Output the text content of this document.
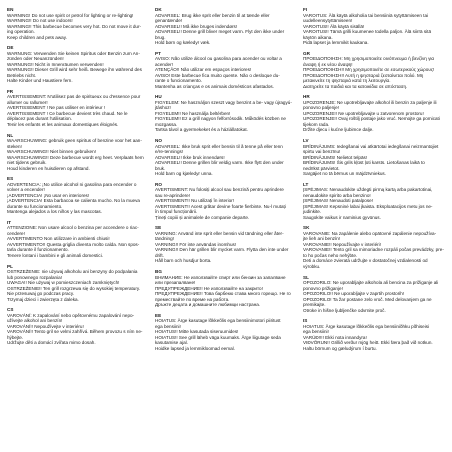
EN
WARNING! Do not use spirit or petrol for lighting or re-lighting!
WARNING!! Do not use indoors!
WARNING!! This barbecue becomes very hot. Do not move it dur-
ing operation.
Keep children and pets away.
DE
WARNUNG: Verwenden Sie keinen Spiritus oder Benzin zum An-
zünden oder Neuanzünden!
WARNUNG!! Nicht in Innenräumen verwenden!
WARNUNG!! Dieser Grill wird sehr heiß. Bewege ihn während des
Betriebs nicht.
Halte Kinder und Haustiere fern.
FR
AVERTISSEMENT: N'utilisez pas de spiritueux ou d'essence pour
allumer ou rallumer!
AVERTISSEMENT ! Ne pas utiliser en intérieur !
AVERTISSEMENT ! Ce barbecue devient très chaud. Ne le
déplacez pas durant l'utilisation.
Tenir les enfants et les animaux domestiques éloignés.
NL
WAARSCHUWING: gebruik geen spiritus of benzine voor het aan-
steken!
WAARSCHUWING!! Niet binnen gebruiken!
WAARSCHUWING!! Deze barbecue wordt erg heet. Verplaats hem
niet tijdens gebruik.
Houd kinderen en huisdieren op afstand.
ES
ADVERTENCIA: ¡No utilice alcohol ni gasolina para encender o
volver a encender!
¡ADVERTENCIA! ¡No usar en interiores!
¡ADVERTENCIA! Esta barbacoa se calienta mucho. No la mueva
durante su funcionamiento.
Mantenga alejados a los niños y las mascotas.
IT
ATTENZIONE: Non usare alcool o benzina per accendere o riac-
cendere!
AVVERTIMENTO Non utilizzare in ambienti chiusi!
AVVERTIMENTO!! Questa griglia diventa molto calda. Non spos-
tarla durante il funzionamento.
Tenere lontani i bambini e gli animali domestici.
PL
OSTRZEŻENIE: nie używaj alkoholu ani benzyny do podpalania
lub ponownego rozpalania!
UWAGA!! Nie używaj w pomieszczeniach zamkniętych!
OSTRZEŻENIE!! Ten grill rozgrzewa się do wysokiej temperatury.
Nie przesuwaj go podczas pracy.
Trzymaj dzieci i zwierzęta z daleka.
CS
VAROVÁNÍ: K zapalování nebo opětovnému zapalování nepo-
užívejte alkohol ani benzín!
VAROVÁNÍ!! Nepoužívejte v interiéru!
VAROVÁNÍ!! Tento gril se velmi zahřívá. Během provozu s ním ne-
hýbejte.
Udržujte děti a domácí zvířata mimo dosah.
DK
ADVARSEL: Brug ikke sprit eller benzin til at tænde eller
genantænde!
ADVARSEL!! Må ikke bruges indendørs!
ADVARSEL!! Denne grill bliver meget varm. Flyt den ikke under
brug.
Hold børn og kæledyr væk.
PT
AVISO: Não utilize álcool ou gasolina para acender ou voltar a
acender!
ATENÇÃO!! Não utilizar em espaços interiores!
AVISO! Este barbecue fica muito quente. Não o desloque du-
rante o funcionamento.
Mantenha as crianças e os animais domésticos afastados.
HU
FIGYELEM: Ne használjon szeszt vagy benzint a be- vagy újragyú-
jtáshoz!
FIGYELEM!! Ne használja beltérben!
FIGYELEM!! Ez a grill nagyon felforrósodik. Működés közben ne
mozgassa.
Tartsa távol a gyermekeket és a háziállatokat.
NO
ADVARSEL: Ikke bruk sprit eller bensin til å tenne på eller tenn
e/re-tennings!
ADVARSEL!! Ikke bruk innendørs!
ADVARSEL!! Denne grillen blir veldig varm. Ikke flytt den under
bruk.
Hold barn og kjæledyr unna.
RO
AVERTISMENT: Nu folosiți alcool sau benzină pentru aprindere
sau re-aprindere!
AVERTISMENT!! Nu utilizați în interior!
AVERTISMENT!! Acest grătar devine foarte fierbinte. Nu-l mutați
în timpul funcționării.
Țineți copiii și animalele de companie departe.
SE
VARNING: Använd inte sprit eller bensin vid tändning eller åter-
tändning!
VARNING!! För inte användas inomhus!
VARNING!! Den här grillen blir mycket varm. Flytta den inte under
drift.
Håll barn och husdjur borta.
BG
ВНИМАНИЕ: Не използвайте спирт или бензин за запалване
или презапалване!
ПРЕДУПРЕЖДЕНИЕ!! Не използвайте на закрито!
ПРЕДУПРЕЖДЕНИЕ!! Това барбекю става много горещо. Не го
премествайте по време на работа.
Дръжте децата и домашните любимци настрана.
EE
HOIATUS: Ärge kasutage lõkkeõlis ega bensiinimotori piiritust
ega bensiini!
HOIATUS!! Mitte kasutada siseruumides!
HOIATUS!! See grill läheb väga kuumaks. Ärge liigutage seda
kasutamise ajal.
Hoidke lapsed ja lemmikloomad eemal.
FI
VAROITUS: Älä käytä alkoholia tai bensiiniä sytyttämiseen tai
uudelleensytyttämiseen!
VAROITUS!! Älä käytä sisällä!
VAROITUS!! Tämä grilli kuumenee todella paljon. Älä siirrä sitä
käytön aikana.
Pidä lapset ja lemmikit kaukana.
GR
ΠΡΟΕΙΔΟΠΟΙΗΣΗ: Μη χρησιμοποιείτε οινόπνευμα ή βενζίνη για
άναψη ή εκ νέου άναψη!
ΠΡΟΕΙΔΟΠΟΙΗΣΗ!! Μη χρησιμοποιείτε σε εσωτερικούς χώρους!
ΠΡΟΕΙΔΟΠΟΙΗΣΗ!! Αυτή η ψησταριά ζεσταίνεται πολύ. Μη
μετακινείτε τη ψησταριά κατά τη λειτουργία.
Διατηρείτε τα παιδιά και τα κατοικίδια σε απόσταση.
HR
UPOZORENJE: Ne upotrebljavajte alkohol ili benzin za paljenje ili
ponovno paljenje!
UPOZORENJE!! Ne upotrebljavajte u zatvorenom prostoru!
UPOZORENJE!! Ovaj roštilj postaje jako vruć. Nemojte ga pomicati
tijekom rada.
Držite djecu i kućne ljubimce dalje.
LV
BRĪDINĀJUMS: Iedegšanai vai atkārtotai iedegšanai neizmantojiet
spirtu vai benzīnu!
BRĪDINĀJUMS! Nelietot telpās!
BRĪDINĀJUMS! Šis grils kļūst ļoti karsts. Lietošanas laikā to
nedrīkst pārvietot.
Sargājiet no tā bērnus un mājdzīvniekus.
LT
ĮSPĖJIMAS: Nenaudokite uždegti pirmą kartą arba pakartotinai,
nenaudokite spirito arba benzino!
ĮSPĖJIMAS! Nenaudoti patalpose!
ĮSPĖJIMAS! Kepsninė labai įkaista. Eksploatacijos metu jos ne-
judinkite.
Saugokite vaikus ir naminius gyvūnus.
SK
VAROVANIE: Na zapálenie alebo opätovné zapálenie nepoužíva-
jte lieh ani benzín!
VAROVANIE!! Nepoužívajte v interiéri!
VAROVANIE!! Tento gril sa mimoriadne rozpáli počas prevádzky, pre-
to ho počas neho nehýbte.
Deti a domáce zvieratá udržujte v dostatočnej vzdialenosti od
výrobku.
SL
OPOZORILO: Ne uporabljajte alkohola ali bencina za prižiganje ali
ponovno prižiganje!
OPOZORILO!! Ne uporabljajte v zaprtih prostorih!
OPOZORILO! Ta žar postane zelo vroč. Med delovanjem ga ne
premikajte.
Otroke in hišne ljubljenčke odvrnite proč.
IS
HOIATUS: Ärge kasutage lõkkeõlis ega bensiiniõhku põhiseisi
ega bensiini!
VARÚÐ!!!! Ekki nota innandyra!
VIÐVÖRUN!! Grillið verður mjög heitt. Ekki færa það við notkun.
Haltu börnum og gæludýrum í burtu.
